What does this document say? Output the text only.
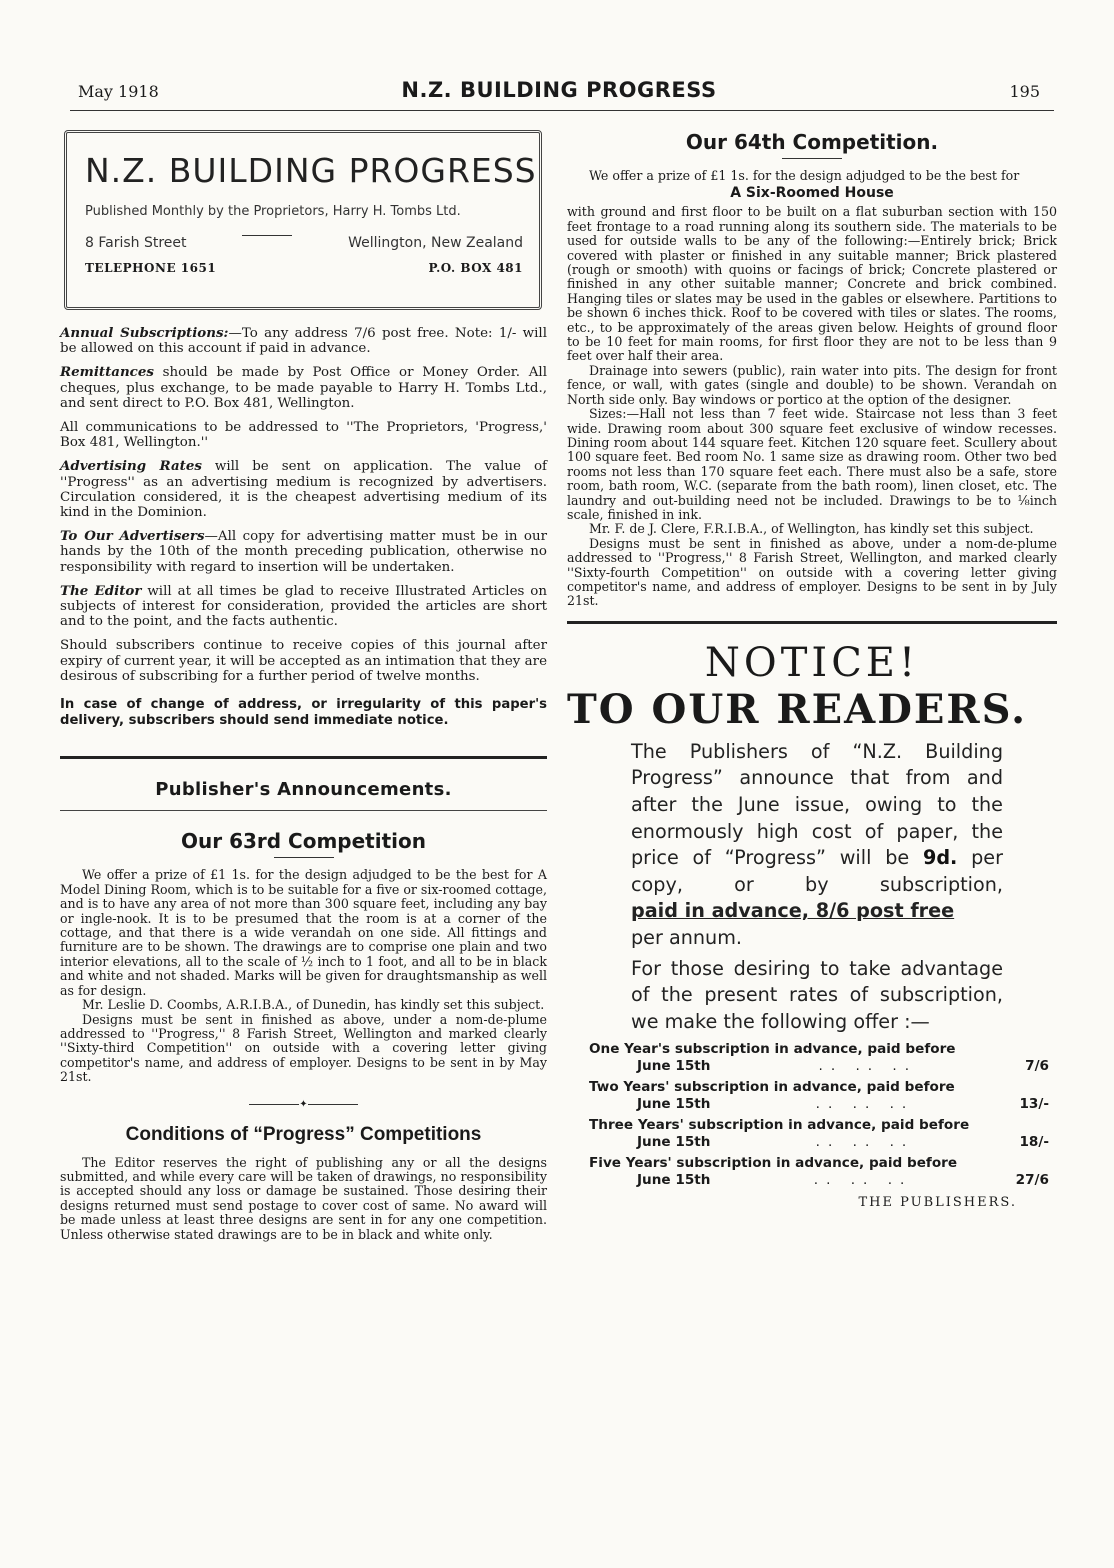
May 1918	N.Z. BUILDING PROGRESS	195
N.Z. BUILDING PROGRESS
Published Monthly by the Proprietors, Harry H. Tombs Ltd.
8 Farish Street	Wellington, New Zealand
TELEPHONE 1651	P.O. BOX 481

Annual Subscriptions:—To any address 7/6 post free. Note: 1/- will be allowed on this account if paid in advance.

Remittances should be made by Post Office or Money Order. All cheques, plus exchange, to be made payable to Harry H. Tombs Ltd., and sent direct to P.O. Box 481, Wellington.

All communications to be addressed to ''The Proprietors, 'Progress,' Box 481, Wellington.''

Advertising Rates will be sent on application. The value of ''Progress'' as an advertising medium is recognized by advertisers. Circulation considered, it is the cheapest advertising medium of its kind in the Dominion.

To Our Advertisers—All copy for advertising matter must be in our hands by the 10th of the month preceding publication, otherwise no responsibility with regard to insertion will be undertaken.

The Editor will at all times be glad to receive Illustrated Articles on subjects of interest for consideration, provided the articles are short and to the point, and the facts authentic.

Should subscribers continue to receive copies of this journal after expiry of current year, it will be accepted as an intimation that they are desirous of subscribing for a further period of twelve months.

In case of change of address, or irregularity of this paper's delivery, subscribers should send immediate notice.

Publisher's Announcements.
Our 63rd Competition

We offer a prize of £1 1s. for the design adjudged to be the best for A Model Dining Room, which is to be suitable for a five or six-roomed cottage, and is to have any area of not more than 300 square feet, including any bay or ingle-nook. It is to be presumed that the room is at a corner of the cottage, and that there is a wide verandah on one side. All fittings and furniture are to be shown. The drawings are to comprise one plain and two interior elevations, all to the scale of ½ inch to 1 foot, and all to be in black and white and not shaded. Marks will be given for draughtsmanship as well as for design.

Mr. Leslie D. Coombs, A.R.I.B.A., of Dunedin, has kindly set this subject.

Designs must be sent in finished as above, under a nom-de-plume addressed to ''Progress,'' 8 Farish Street, Wellington and marked clearly ''Sixty-third Competition'' on outside with a covering letter giving competitor's name, and address of employer. Designs to be sent in by May 21st.

✦
Conditions of “Progress” Competitions

The Editor reserves the right of publishing any or all the designs submitted, and while every care will be taken of drawings, no responsibility is accepted should any loss or damage be sustained. Those desiring their designs returned must send postage to cover cost of same. No award will be made unless at least three designs are sent in for any one competition. Unless otherwise stated drawings are to be in black and white only.

Our 64th Competition.

We offer a prize of £1 1s. for the design adjudged to be the best for

A Six-Roomed House

with ground and first floor to be built on a flat suburban section with 150 feet frontage to a road running along its southern side. The materials to be used for outside walls to be any of the following:—Entirely brick; Brick covered with plaster or finished in any suitable manner; Brick plastered (rough or smooth) with quoins or facings of brick; Concrete plastered or finished in any other suitable manner; Concrete and brick combined. Hanging tiles or slates may be used in the gables or elsewhere. Partitions to be shown 6 inches thick. Roof to be covered with tiles or slates. The rooms, etc., to be approximately of the areas given below. Heights of ground floor to be 10 feet for main rooms, for first floor they are not to be less than 9 feet over half their area.

Drainage into sewers (public), rain water into pits. The design for front fence, or wall, with gates (single and double) to be shown. Verandah on North side only. Bay windows or portico at the option of the designer.

Sizes:—Hall not less than 7 feet wide. Staircase not less than 3 feet wide. Drawing room about 300 square feet exclusive of window recesses. Dining room about 144 square feet. Kitchen 120 square feet. Scullery about 100 square feet. Bed room No. 1 same size as drawing room. Other two bed rooms not less than 170 square feet each. There must also be a safe, store room, bath room, W.C. (separate from the bath room), linen closet, etc. The laundry and out-building need not be included. Drawings to be to ⅛inch scale, finished in ink.

Mr. F. de J. Clere, F.R.I.B.A., of Wellington, has kindly set this subject.

Designs must be sent in finished as above, under a nom-de-plume addressed to ''Progress,'' 8 Farish Street, Wellington, and marked clearly ''Sixty-fourth Competition'' on outside with a covering letter giving competitor's name, and address of employer. Designs to be sent in by July 21st.

NOTICE!
TO OUR READERS.
The Publishers of “N.Z. Building Progress” announce that from and after the June issue, owing to the enormously high cost of paper, the price of “Progress” will be 9d. per copy, or by subscription, paid in advance, 8/6 post free
per annum.
For those desiring to take advantage of the present rates of subscription, we make the following offer :—
One Year's subscription in advance, paid before
June 15th	.. .. ..	7/6
Two Years' subscription in advance, paid before
June 15th	.. .. ..	13/-
Three Years' subscription in advance, paid before
June 15th	.. .. ..	18/-
Five Years' subscription in advance, paid before
June 15th	.. .. ..	27/6
THE PUBLISHERS.
